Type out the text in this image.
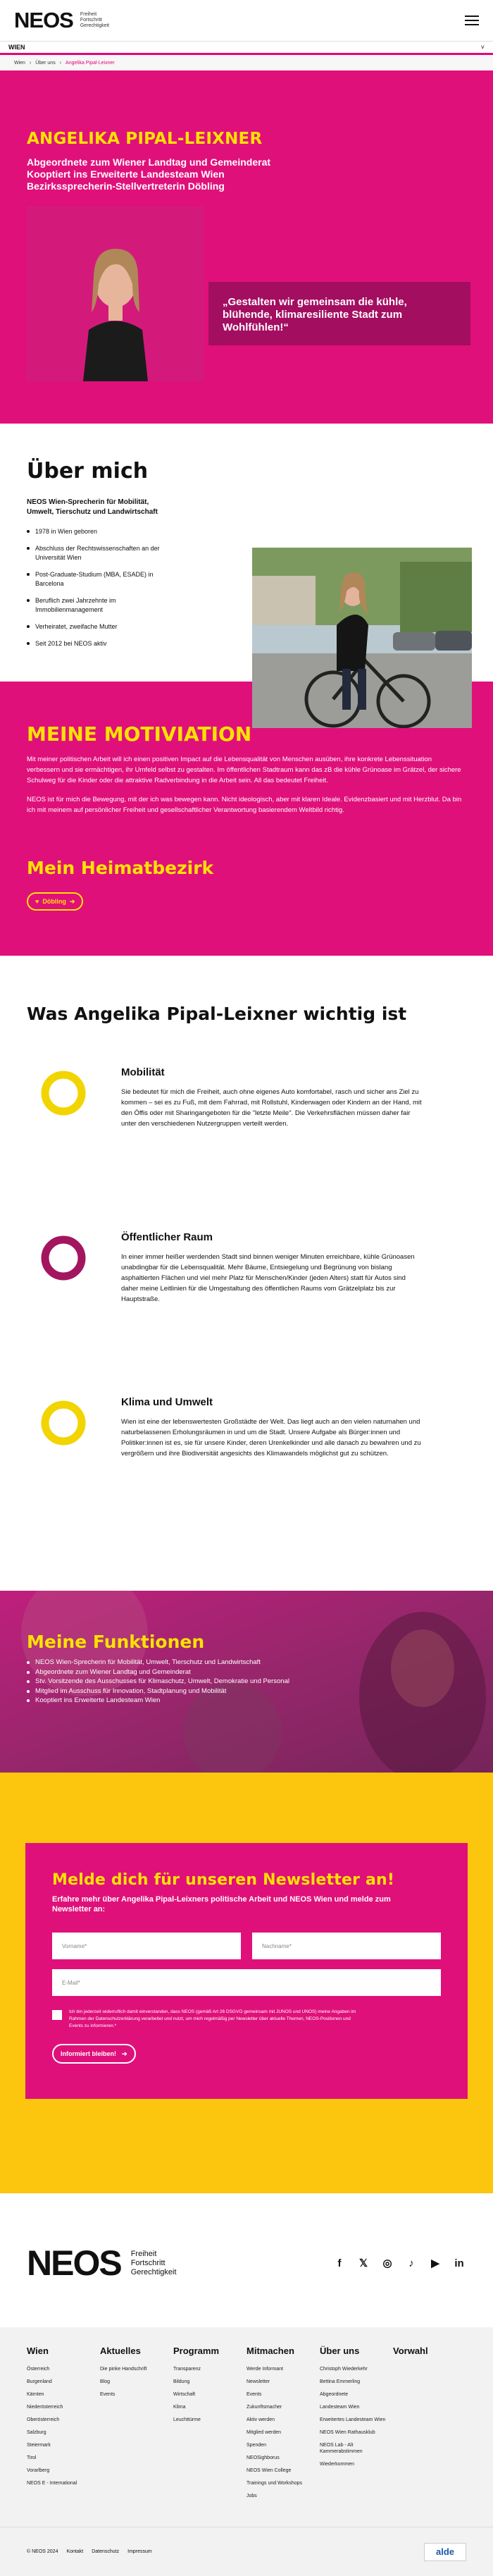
NEOS Freiheit
Fortschritt
Gerechtigkeit
WIEN	˅
Wien › Über uns › Angelika Pipal-Leixner
ANGELIKA PIPAL-LEIXNER
Abgeordnete zum Wiener Landtag und Gemeinderat
Kooptiert ins Erweiterte Landesteam Wien
Bezirkssprecherin-Stellvertreterin Döbling
„Gestalten wir gemeinsam die kühle, blühende, klimaresiliente Stadt zum Wohlfühlen!“
Über mich
NEOS Wien-Sprecherin für Mobilität, Umwelt, Tierschutz und Landwirtschaft
1978 in Wien geboren
Abschluss der Rechtswissenschaften an der Universität Wien
Post-Graduate-Studium (MBA, ESADE) in Barcelona
Beruflich zwei Jahrzehnte im Immobilienmanagement
Verheiratet, zweifache Mutter
Seit 2012 bei NEOS aktiv
MEINE MOTIVIATION

Mit meiner politischen Arbeit will ich einen positiven Impact auf die Lebensqualität von Menschen ausüben, ihre konkrete Lebenssituation verbessern und sie ermächtigen, ihr Umfeld selbst zu gestalten. Im öffentlichen Stadtraum kann das zB die kühle Grünoase im Grätzel, der sichere Schulweg für die Kinder oder die attraktive Radverbindung in die Arbeit sein. All das bedeutet Freiheit.

NEOS ist für mich die Bewegung, mit der ich was bewegen kann. Nicht ideologisch, aber mit klaren Ideale. Evidenzbasiert und mit Herzblut. Da bin ich mit meinem auf persönlicher Freiheit und gesellschaftlicher Verantwortung basierendem Weltbild richtig.

Mein Heimatbezirk
♥ Döbling ➔
Was Angelika Pipal-Leixner wichtig ist
Mobilität

Sie bedeutet für mich die Freiheit, auch ohne eigenes Auto komfortabel, rasch und sicher ans Ziel zu kommen – sei es zu Fuß, mit dem Fahrrad, mit Rollstuhl, Kinderwagen oder Kindern an der Hand, mit den Öffis oder mit Sharingangeboten für die "letzte Meile". Die Verkehrsflächen müssen daher fair unter den verschiedenen Nutzergruppen verteilt werden.

Öffentlicher Raum

In einer immer heißer werdenden Stadt sind binnen weniger Minuten erreichbare, kühle Grünoasen unabdingbar für die Lebensqualität. Mehr Bäume, Entsiegelung und Begrünung von bislang asphaltierten Flächen und viel mehr Platz für Menschen/Kinder (jeden Alters) statt für Autos sind daher meine Leitlinien für die Umgestaltung des öffentlichen Raums vom Grätzelplatz bis zur Hauptstraße.

Klima und Umwelt

Wien ist eine der lebenswertesten Großstädte der Welt. Das liegt auch an den vielen naturnahen und naturbelassenen Erholungsräumen in und um die Stadt. Unsere Aufgabe als Bürger:innen und Politiker:innen ist es, sie für unsere Kinder, deren Urenkelkinder und alle danach zu bewahren und zu vergrößern und ihre Biodiversität angesichts des Klimawandels möglichst gut zu schützen.

Meine Funktionen
NEOS Wien-Sprecherin für Mobilität, Umwelt, Tierschutz und Landwirtschaft
Abgeordnete zum Wiener Landtag und Gemeinderat
Stv. Vorsitzende des Ausschusses für Klimaschutz, Umwelt, Demokratie und Personal
Mitglied im Ausschuss für Innovation, Stadtplanung und Mobilität
Kooptiert ins Erweiterte Landesteam Wien
Melde dich für unseren Newsletter an!
Erfahre mehr über Angelika Pipal-Leixners politische Arbeit und NEOS Wien und melde zum Newsletter an:
Vorname*	Nachname*
E-Mail*

Ich bin jederzeit widerruflich damit einverstanden, dass NEOS (gemäß Art 26 DSGVO gemeinsam mit JUNOS und UNOS) meine Angaben im Rahmen der Datenschutzerklärung verarbeitet und nutzt, um mich regelmäßig per Newsletter über aktuelle Themen, NEOS-Positionen und Events zu informieren.*

Informiert bleiben! ➔
NEOS Freiheit
Fortschritt
Gerechtigkeit
f	𝕏 ◎	♪	▶ in
Wien
Österreich
Burgenland
Kärnten
Niederösterreich
Oberösterreich
Salzburg
Steiermark
Tirol
Vorarlberg
NEOS E - International
Aktuelles
Die pinke Handschrift
Blog
Events
Programm
Transparenz
Bildung
Wirtschaft
Klima
Leuchttürme
Mitmachen
Werde Informant
Newsletter
Events
Zukunftsmacher
Aktiv werden
Mitglied werden
Spenden
NEOSighborus
NEOS Wien College
Trainings und Workshops
Jobs
Über uns
Christoph Wiederkehr
Bettina Emmerling
Abgeordnete
Landesteam Wien
Erweitertes Landesteam Wien
NEOS Wien Rathausklub
NEOS Lab - Alt Kammerabstimmen
Wiederkommen
Vorwahl
© NEOS 2024 Kontakt Datenschutz Impressum	alde
